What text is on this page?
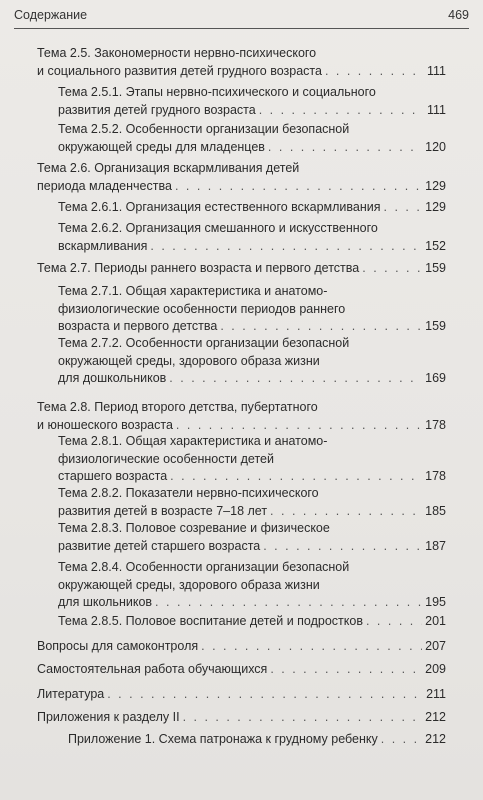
Содержание	469
Тема 2.5. Закономерности нервно-психического
и социального развития детей грудного возраста . . .	111
Тема 2.5.1. Этапы нервно-психического и социального
развития детей грудного возраста . . .	111
Тема 2.5.2. Особенности организации безопасной
окружающей среды для младенцев . . .	120
Тема 2.6. Организация вскармливания детей
периода младенчества . . .	129
Тема 2.6.1. Организация естественного вскармливания . . .	129
Тема 2.6.2. Организация смешанного и искусственного
вскармливания . . .	152
Тема 2.7. Периоды раннего возраста и первого детства . . .	159
Тема 2.7.1. Общая характеристика и анатомо-
физиологические особенности периодов раннего
возраста и первого детства . . .	159
Тема 2.7.2. Особенности организации безопасной
окружающей среды, здорового образа жизни
для дошкольников . . .	169
Тема 2.8. Период второго детства, пубертатного
и юношеского возраста . . .	178
Тема 2.8.1. Общая характеристика и анатомо-
физиологические особенности детей
старшего возраста . . .	178
Тема 2.8.2. Показатели нервно-психического
развития детей в возрасте 7–18 лет . . .	185
Тема 2.8.3. Половое созревание и физическое
развитие детей старшего возраста . . .	187
Тема 2.8.4. Особенности организации безопасной
окружающей среды, здорового образа жизни
для школьников . . .	195
Тема 2.8.5. Половое воспитание детей и подростков . . .	201
Вопросы для самоконтроля . . .	207
Самостоятельная работа обучающихся . . .	209
Литература . . .	211
Приложения к разделу II . . .	212
Приложение 1. Схема патронажа к грудному ребенку . . .	212
